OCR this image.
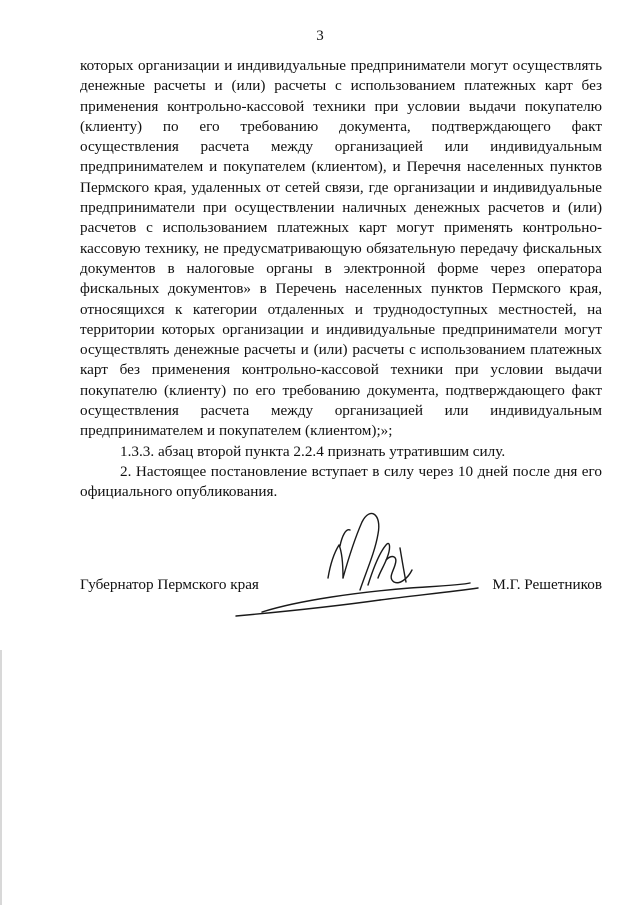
3

которых организации и индивидуальные предприниматели могут осуществлять денежные расчеты и (или) расчеты с использованием платежных карт без применения контрольно-кассовой техники при условии выдачи покупателю (клиенту) по его требованию документа, подтверждающего факт осуществления расчета между организацией или индивидуальным предпринимателем и покупателем (клиентом), и Перечня населенных пунктов Пермского края, удаленных от сетей связи, где организации и индивидуальные предприниматели при осуществлении наличных денежных расчетов и (или) расчетов с использованием платежных карт могут применять контрольно-кассовую технику, не предусматривающую обязательную передачу фискальных документов в налоговые органы в электронной форме через оператора фискальных документов» в Перечень населенных пунктов Пермского края, относящихся к категории отдаленных и труднодоступных местностей, на территории которых организации и индивидуальные предприниматели могут осуществлять денежные расчеты и (или) расчеты с использованием платежных карт без применения контрольно-кассовой техники при условии выдачи покупателю (клиенту) по его требованию документа, подтверждающего факт осуществления расчета между организацией или индивидуальным предпринимателем и покупателем (клиентом);»;

1.3.3. абзац второй пункта 2.2.4 признать утратившим силу.

2. Настоящее постановление вступает в силу через 10 дней после дня его официального опубликования.

Губернатор Пермского края	М.Г. Решетников
